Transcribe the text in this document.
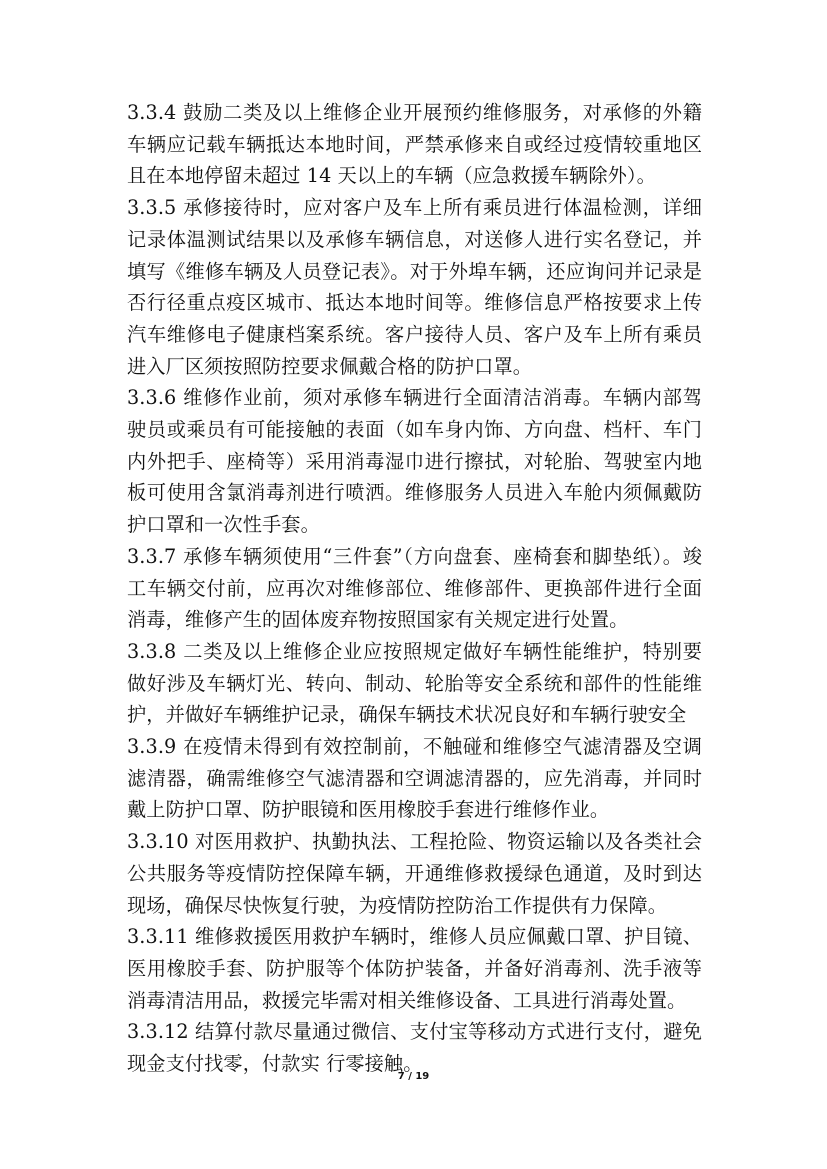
3.3.4 鼓励二类及以上维修企业开展预约维修服务，对承修的外籍车辆应记载车辆抵达本地时间，严禁承修来自或经过疫情较重地区且在本地停留未超过 14 天以上的车辆（应急救援车辆除外）。

3.3.5 承修接待时，应对客户及车上所有乘员进行体温检测，详细记录体温测试结果以及承修车辆信息，对送修人进行实名登记，并填写《维修车辆及人员登记表》。对于外埠车辆，还应询问并记录是否行径重点疫区城市、抵达本地时间等。维修信息严格按要求上传汽车维修电子健康档案系统。客户接待人员、客户及车上所有乘员进入厂区须按照防控要求佩戴合格的防护口罩。

3.3.6 维修作业前，须对承修车辆进行全面清洁消毒。车辆内部驾驶员或乘员有可能接触的表面（如车身内饰、方向盘、档杆、车门内外把手、座椅等）采用消毒湿巾进行擦拭，对轮胎、驾驶室内地板可使用含氯消毒剂进行喷洒。维修服务人员进入车舱内须佩戴防护口罩和一次性手套。

3.3.7 承修车辆须使用“三件套”（方向盘套、座椅套和脚垫纸）。竣工车辆交付前，应再次对维修部位、维修部件、更换部件进行全面消毒，维修产生的固体废弃物按照国家有关规定进行处置。

3.3.8 二类及以上维修企业应按照规定做好车辆性能维护，特别要做好涉及车辆灯光、转向、制动、轮胎等安全系统和部件的性能维护，并做好车辆维护记录，确保车辆技术状况良好和车辆行驶安全

3.3.9 在疫情未得到有效控制前，不触碰和维修空气滤清器及空调滤清器，确需维修空气滤清器和空调滤清器的，应先消毒，并同时戴上防护口罩、防护眼镜和医用橡胶手套进行维修作业。

3.3.10 对医用救护、执勤执法、工程抢险、物资运输以及各类社会公共服务等疫情防控保障车辆，开通维修救援绿色通道，及时到达现场，确保尽快恢复行驶，为疫情防控防治工作提供有力保障。

3.3.11 维修救援医用救护车辆时，维修人员应佩戴口罩、护目镜、医用橡胶手套、防护服等个体防护装备，并备好消毒剂、洗手液等消毒清洁用品，救援完毕需对相关维修设备、工具进行消毒处置。

3.3.12 结算付款尽量通过微信、支付宝等移动方式进行支付，避免现金支付找零，付款实 行零接触。

7 / 19
